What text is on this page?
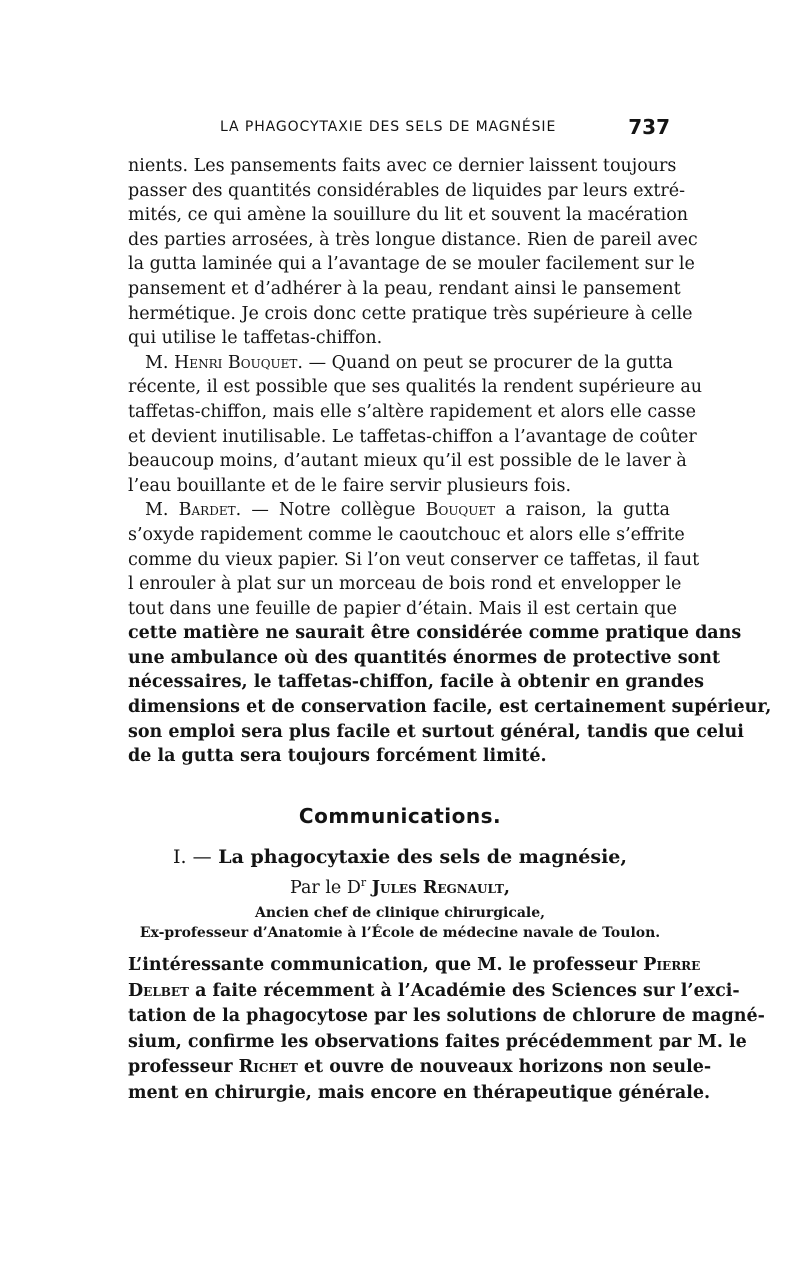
LA PHAGOCYTAXIE DES SELS DE MAGNÉSIE	737
nients. Les pansements faits avec ce dernier laissent toujours
passer des quantités considérables de liquides par leurs extré-
mités, ce qui amène la souillure du lit et souvent la macération
des parties arrosées, à très longue distance. Rien de pareil avec
la gutta laminée qui a l’avantage de se mouler facilement sur le
pansement et d’adhérer à la peau, rendant ainsi le pansement
hermétique. Je crois donc cette pratique très supérieure à celle
qui utilise le taffetas-chiffon.
M. Henri Bouquet. — Quand on peut se procurer de la gutta
récente, il est possible que ses qualités la rendent supérieure au
taffetas-chiffon, mais elle s’altère rapidement et alors elle casse
et devient inutilisable. Le taffetas-chiffon a l’avantage de coûter
beaucoup moins, d’autant mieux qu’il est possible de le laver à
l’eau bouillante et de le faire servir plusieurs fois.
M. Bardet. — Notre collègue Bouquet a raison, la gutta
s’oxyde rapidement comme le caoutchouc et alors elle s’effrite
comme du vieux papier. Si l’on veut conserver ce taffetas, il faut
l enrouler à plat sur un morceau de bois rond et envelopper le
tout dans une feuille de papier d’étain. Mais il est certain que
cette matière ne saurait être considérée comme pratique dans
une ambulance où des quantités énormes de protective sont
nécessaires, le taffetas-chiffon, facile à obtenir en grandes
dimensions et de conservation facile, est certainement supérieur,
son emploi sera plus facile et surtout général, tandis que celui
de la gutta sera toujours forcément limité.
Communications.
I. — La phagocytaxie des sels de magnésie,
Par le $D^r$ Jules Regnault,
Ancien chef de clinique chirurgicale,
Ex-professeur d’Anatomie à l’École de médecine navale de Toulon.
L’intéressante communication, que M. le professeur Pierre
Delbet a faite récemment à l’Académie des Sciences sur l’exci-
tation de la phagocytose par les solutions de chlorure de magné-
sium, confirme les observations faites précédemment par M. le
professeur Richet et ouvre de nouveaux horizons non seule-
ment en chirurgie, mais encore en thérapeutique générale.
